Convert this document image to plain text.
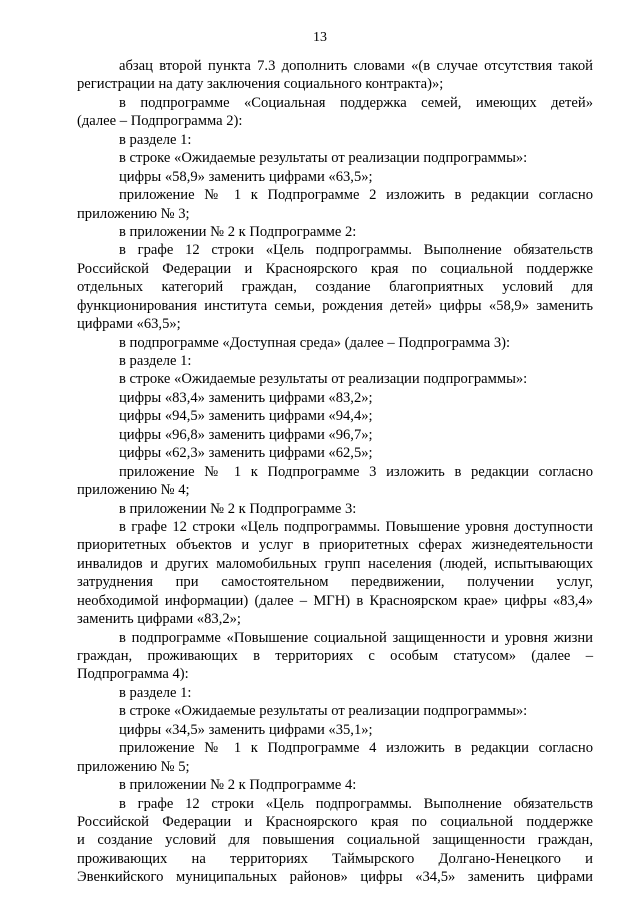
13
абзац второй пункта 7.3 дополнить словами «(в случае отсутствия такой
регистрации на дату заключения социального контракта)»;
в подпрограмме «Социальная поддержка семей, имеющих детей»
(далее – Подпрограмма 2):
в разделе 1:
в строке «Ожидаемые результаты от реализации подпрограммы»:
цифры «58,9» заменить цифрами «63,5»;
приложение № 1 к Подпрограмме 2 изложить в редакции согласно
приложению № 3;
в приложении № 2 к Подпрограмме 2:
в графе 12 строки «Цель подпрограммы. Выполнение обязательств
Российской Федерации и Красноярского края по социальной поддержке
отдельных категорий граждан, создание благоприятных условий для
функционирования института семьи, рождения детей» цифры «58,9» заменить
цифрами «63,5»;
в подпрограмме «Доступная среда» (далее – Подпрограмма 3):
в разделе 1:
в строке «Ожидаемые результаты от реализации подпрограммы»:
цифры «83,4» заменить цифрами «83,2»;
цифры «94,5» заменить цифрами «94,4»;
цифры «96,8» заменить цифрами «96,7»;
цифры «62,3» заменить цифрами «62,5»;
приложение № 1 к Подпрограмме 3 изложить в редакции согласно
приложению № 4;
в приложении № 2 к Подпрограмме 3:
в графе 12 строки «Цель подпрограммы. Повышение уровня доступности
приоритетных объектов и услуг в приоритетных сферах жизнедеятельности
инвалидов и других маломобильных групп населения (людей, испытывающих
затруднения при самостоятельном передвижении, получении услуг,
необходимой информации) (далее – МГН) в Красноярском крае» цифры «83,4»
заменить цифрами «83,2»;
в подпрограмме «Повышение социальной защищенности и уровня жизни
граждан, проживающих в территориях с особым статусом» (далее –
Подпрограмма 4):
в разделе 1:
в строке «Ожидаемые результаты от реализации подпрограммы»:
цифры «34,5» заменить цифрами «35,1»;
приложение № 1 к Подпрограмме 4 изложить в редакции согласно
приложению № 5;
в приложении № 2 к Подпрограмме 4:
в графе 12 строки «Цель подпрограммы. Выполнение обязательств
Российской Федерации и Красноярского края по социальной поддержке
и создание условий для повышения социальной защищенности граждан,
проживающих на территориях Таймырского Долгано-Ненецкого и
Эвенкийского муниципальных районов» цифры «34,5» заменить цифрами
